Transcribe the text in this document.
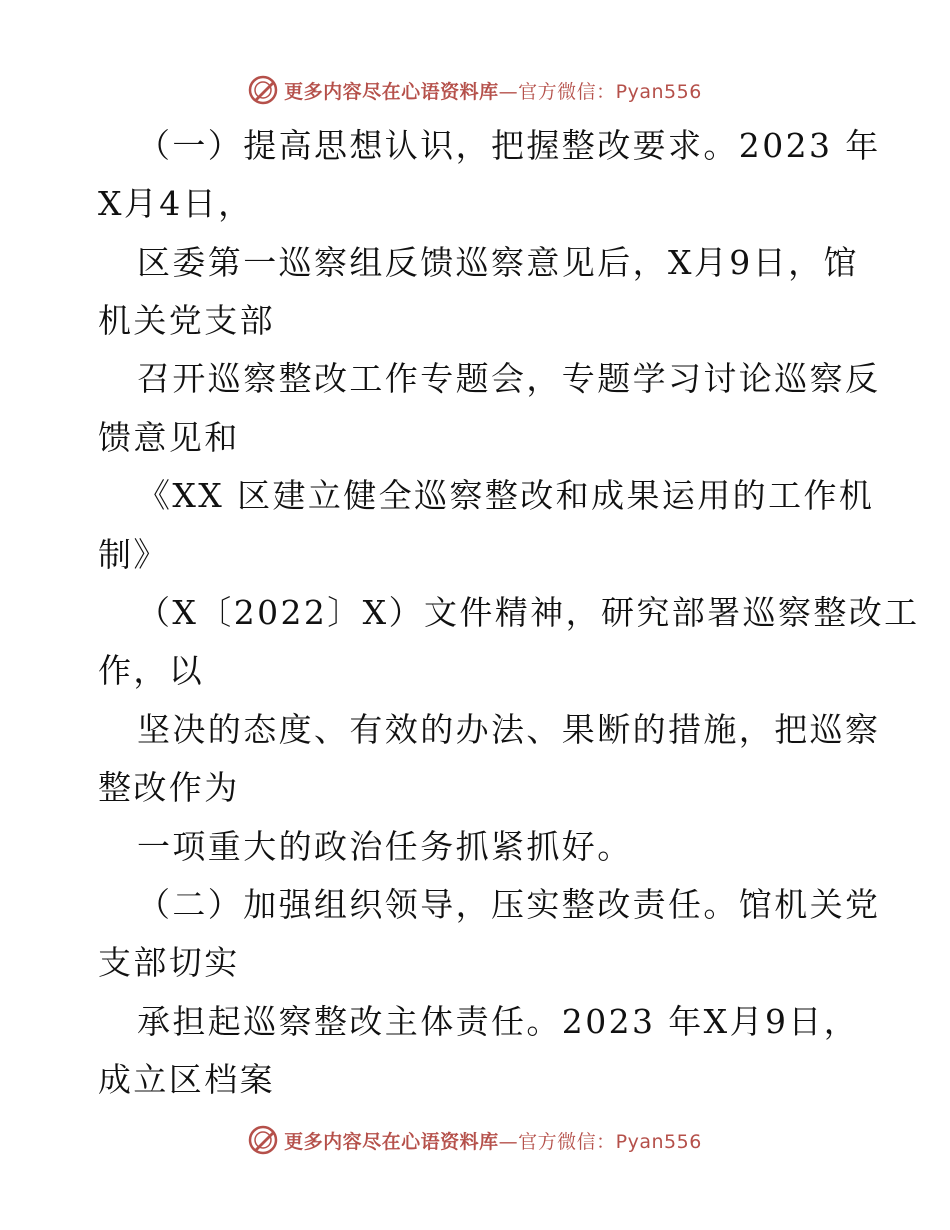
更多内容尽在心语资料库—官方微信：Pyan556
（一）提高思想认识，把握整改要求。2023 年
X月4日，
区委第一巡察组反馈巡察意见后，X月9日，馆
机关党支部
召开巡察整改工作专题会，专题学习讨论巡察反
馈意见和
《XX 区建立健全巡察整改和成果运用的工作机
制》
（X〔2022〕X）文件精神，研究部署巡察整改工
作，以
坚决的态度、有效的办法、果断的措施，把巡察
整改作为
一项重大的政治任务抓紧抓好。
（二）加强组织领导，压实整改责任。馆机关党
支部切实
承担起巡察整改主体责任。2023 年X月9日，
成立区档案
更多内容尽在心语资料库—官方微信：Pyan556
